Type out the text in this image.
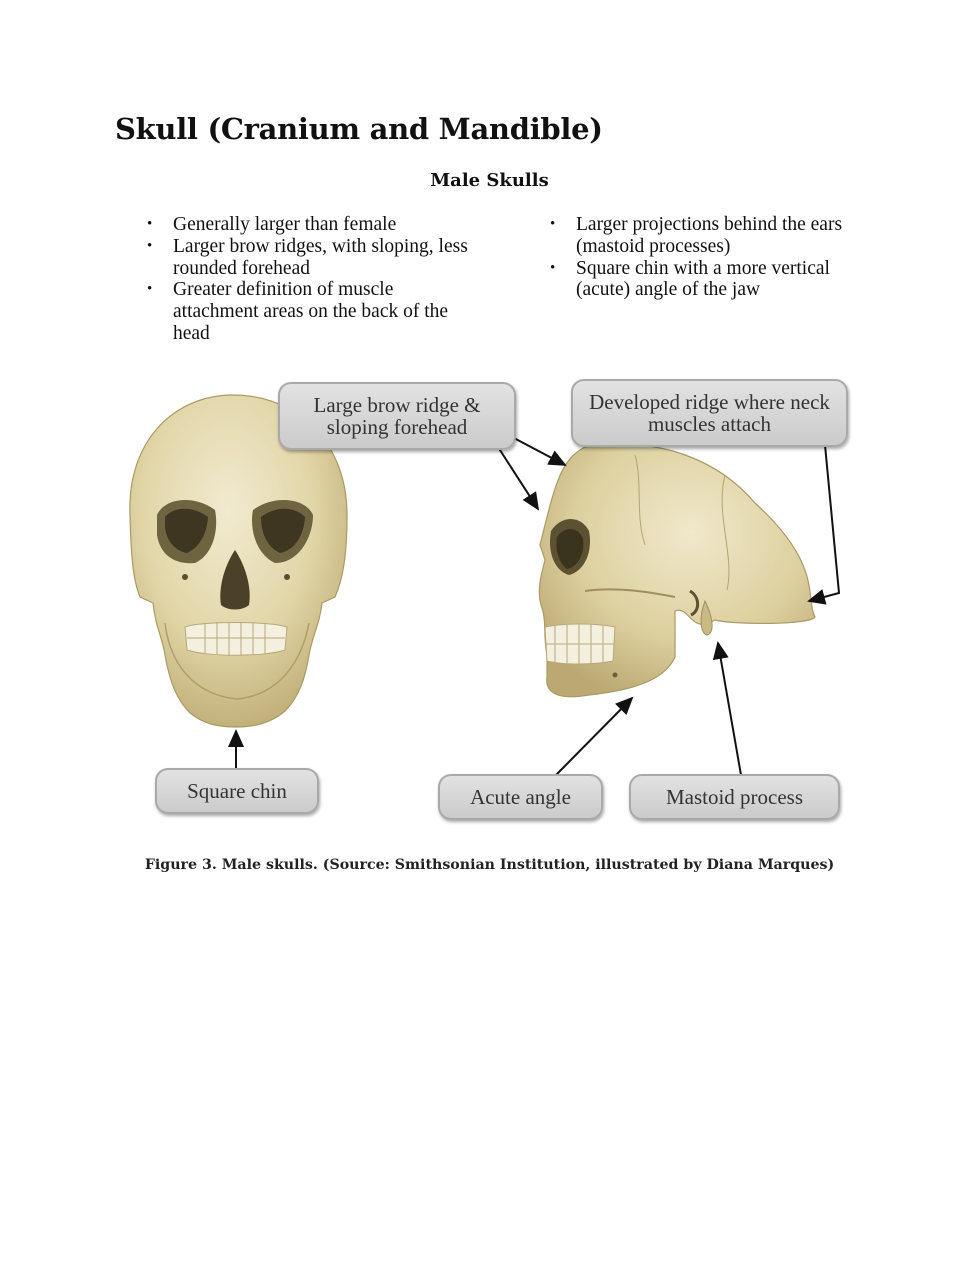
Skull (Cranium and Mandible)
Male Skulls
• Generally larger than female
• Larger brow ridges, with sloping, less rounded forehead
• Greater definition of muscle attachment areas on the back of the head
• Larger projections behind the ears (mastoid processes)
• Square chin with a more vertical (acute) angle of the jaw
Large brow ridge & sloping forehead
Developed ridge where neck muscles attach
Square chin	Acute angle	Mastoid process
Figure 3. Male skulls. (Source: Smithsonian Institution, illustrated by Diana Marques)
